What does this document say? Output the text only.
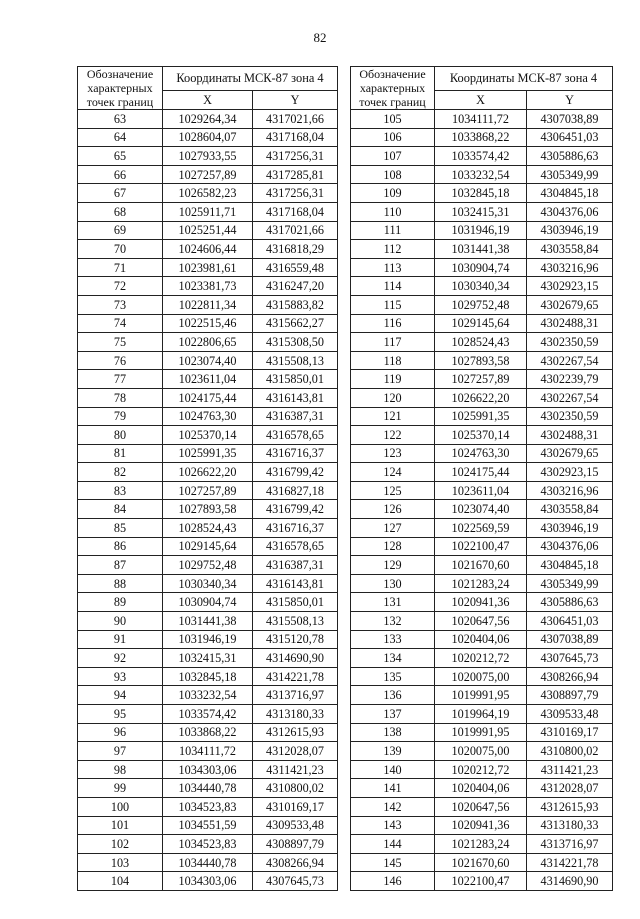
82
Обозначение
характерных
точек границ	Координаты МСК-87 зона 4	
	X	Y
63	1029264,34	4317021,66
64	1028604,07	4317168,04
65	1027933,55	4317256,31
66	1027257,89	4317285,81
67	1026582,23	4317256,31
68	1025911,71	4317168,04
69	1025251,44	4317021,66
70	1024606,44	4316818,29
71	1023981,61	4316559,48
72	1023381,73	4316247,20
73	1022811,34	4315883,82
74	1022515,46	4315662,27
75	1022806,65	4315308,50
76	1023074,40	4315508,13
77	1023611,04	4315850,01
78	1024175,44	4316143,81
79	1024763,30	4316387,31
80	1025370,14	4316578,65
81	1025991,35	4316716,37
82	1026622,20	4316799,42
83	1027257,89	4316827,18
84	1027893,58	4316799,42
85	1028524,43	4316716,37
86	1029145,64	4316578,65
87	1029752,48	4316387,31
88	1030340,34	4316143,81
89	1030904,74	4315850,01
90	1031441,38	4315508,13
91	1031946,19	4315120,78
92	1032415,31	4314690,90
93	1032845,18	4314221,78
94	1033232,54	4313716,97
95	1033574,42	4313180,33
96	1033868,22	4312615,93
97	1034111,72	4312028,07
98	1034303,06	4311421,23
99	1034440,78	4310800,02
100	1034523,83	4310169,17
101	1034551,59	4309533,48
102	1034523,83	4308897,79
103	1034440,78	4308266,94
104	1034303,06	4307645,73
Обозначение
характерных
точек границ	Координаты МСК-87 зона 4	
	X	Y
105	1034111,72	4307038,89
106	1033868,22	4306451,03
107	1033574,42	4305886,63
108	1033232,54	4305349,99
109	1032845,18	4304845,18
110	1032415,31	4304376,06
111	1031946,19	4303946,19
112	1031441,38	4303558,84
113	1030904,74	4303216,96
114	1030340,34	4302923,15
115	1029752,48	4302679,65
116	1029145,64	4302488,31
117	1028524,43	4302350,59
118	1027893,58	4302267,54
119	1027257,89	4302239,79
120	1026622,20	4302267,54
121	1025991,35	4302350,59
122	1025370,14	4302488,31
123	1024763,30	4302679,65
124	1024175,44	4302923,15
125	1023611,04	4303216,96
126	1023074,40	4303558,84
127	1022569,59	4303946,19
128	1022100,47	4304376,06
129	1021670,60	4304845,18
130	1021283,24	4305349,99
131	1020941,36	4305886,63
132	1020647,56	4306451,03
133	1020404,06	4307038,89
134	1020212,72	4307645,73
135	1020075,00	4308266,94
136	1019991,95	4308897,79
137	1019964,19	4309533,48
138	1019991,95	4310169,17
139	1020075,00	4310800,02
140	1020212,72	4311421,23
141	1020404,06	4312028,07
142	1020647,56	4312615,93
143	1020941,36	4313180,33
144	1021283,24	4313716,97
145	1021670,60	4314221,78
146	1022100,47	4314690,90
